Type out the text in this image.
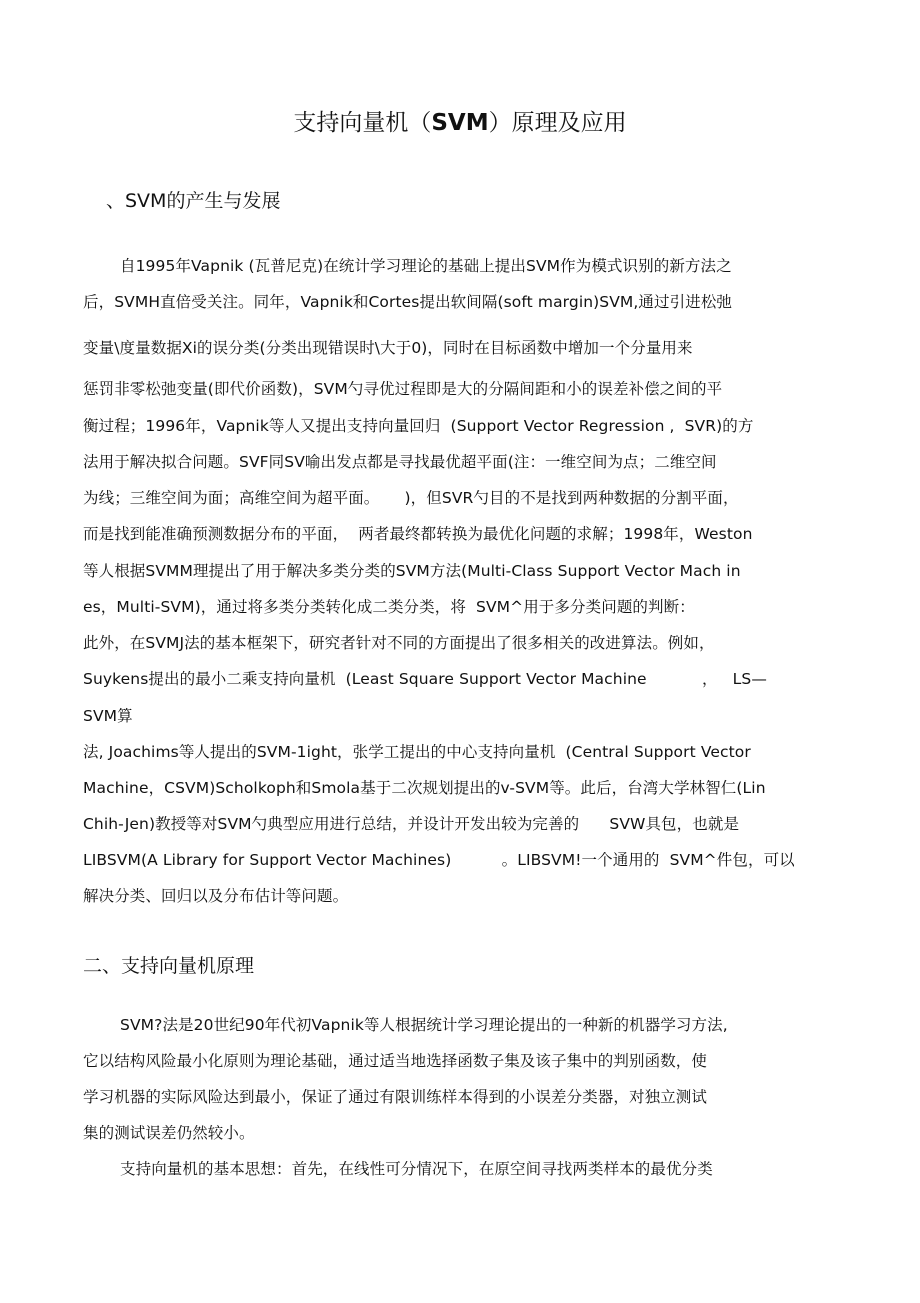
支持向量机（SVM）原理及应用
、SVM的产生与发展
自1995年Vapnik (瓦普尼克)在统计学习理论的基础上提出SVM作为模式识别的新方法之
后，SVMH直倍受关注。同年，Vapnik和Cortes提出软间隔(soft margin)SVM,通过引进松弛
变量\度量数据Xi的误分类(分类出现错误时\大于0)，同时在目标函数中增加一个分量用来
惩罚非零松弛变量(即代价函数)，SVM勺寻优过程即是大的分隔间距和小的误差补偿之间的平
衡过程；1996年，Vapnik等人又提出支持向量回归  (Support Vector Regression ,  SVR)的方
法用于解决拟合问题。SVF同SV喻出发点都是寻找最优超平面(注：一维空间为点；二维空间
为线；三维空间为面；高维空间为超平面。     )，但SVR勺目的不是找到两种数据的分割平面，
而是找到能准确预测数据分布的平面，  两者最终都转换为最优化问题的求解；1998年，Weston
等人根据SVMM理提出了用于解决多类分类的SVM方法(Multi-Class Support Vector Mach in
es，Multi-SVM)，通过将多类分类转化成二类分类，将  SVM^用于多分类问题的判断：
此外，在SVMJ法的基本框架下，研究者针对不同的方面提出了很多相关的改进算法。例如，
Suykens提出的最小二乘支持向量机  (Least Square Support Vector Machine           ，   LS—
SVM算
法, Joachims等人提出的SVM-1ight，张学工提出的中心支持向量机  (Central Support Vector
Machine，CSVM)Scholkoph和Smola基于二次规划提出的v-SVM等。此后，台湾大学林智仁(Lin
Chih-Jen)教授等对SVM勺典型应用进行总结，并设计开发出较为完善的      SVW具包，也就是
LIBSVM(A Library for Support Vector Machines)          。LIBSVM!一个通用的  SVM^件包，可以
解决分类、回归以及分布估计等问题。
二、支持向量机原理
SVM?法是20世纪90年代初Vapnik等人根据统计学习理论提出的一种新的机器学习方法,
它以结构风险最小化原则为理论基础，通过适当地选择函数子集及该子集中的判别函数，使
学习机器的实际风险达到最小，保证了通过有限训练样本得到的小误差分类器，对独立测试
集的测试误差仍然较小。
支持向量机的基本思想：首先，在线性可分情况下，在原空间寻找两类样本的最优分类
